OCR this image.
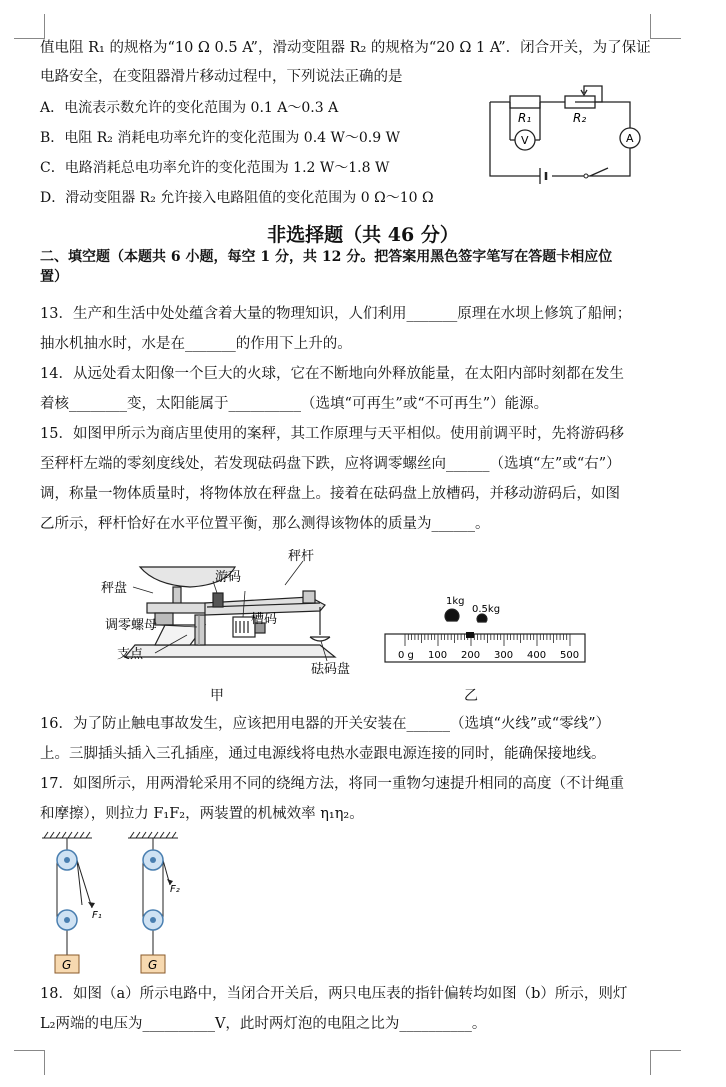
值电阻 R₁ 的规格为“10 Ω 0.5 A”，滑动变阻器 R₂ 的规格为“20 Ω 1 A”．闭合开关，为了保证
电路安全，在变阻器滑片移动过程中，下列说法正确的是
A．电流表示数允许的变化范围为 0.1 A～0.3 A
B．电阻 R₂ 消耗电功率允许的变化范围为 0.4 W～0.9 W
C．电路消耗总电功率允许的变化范围为 1.2 W～1.8 W
D．滑动变阻器 R₂ 允许接入电路阻值的变化范围为 0 Ω～10 Ω
R₁	R₂
V	A
非选择题（共 46 分）
二、填空题（本题共 6 小题，每空 1 分，共 12 分。把答案用黑色签字笔写在答题卡相应位
置）
13．生产和生活中处处蕴含着大量的物理知识，人们利用_______原理在水坝上修筑了船闸；
抽水机抽水时，水是在_______的作用下上升的。
14．从远处看太阳像一个巨大的火球，它在不断地向外释放能量，在太阳内部时刻都在发生
着核________变，太阳能属于__________（选填“可再生”或“不可再生”）能源。
15．如图甲所示为商店里使用的案秤，其工作原理与天平相似。使用前调平时，先将游码移
至秤杆左端的零刻度线处，若发现砝码盘下跌，应将调零螺丝向______（选填“左”或“右”）
调，称量一物体质量时，将物体放在秤盘上。接着在砝码盘上放槽码，并移动游码后，如图
乙所示，秤杆恰好在水平位置平衡，那么测得该物体的质量为______。
秤杆
秤盘
游码
槽码
调零螺母
支点
砝码盘
1kg
0.5kg
0 g 100 200 300 400 500
甲	乙
16．为了防止触电事故发生，应该把用电器的开关安装在______（选填“火线”或“零线”）
上。三脚插头插入三孔插座，通过电源线将电热水壶跟电源连接的同时，能确保接地线。
17．如图所示，用两滑轮采用不同的绕绳方法，将同一重物匀速提升相同的高度（不计绳重
和摩擦），则拉力 F₁F₂，两装置的机械效率 η₁η₂。
F₁
F₂
G	G
18．如图（a）所示电路中，当闭合开关后，两只电压表的指针偏转均如图（b）所示，则灯
L₂两端的电压为__________V，此时两灯泡的电阻之比为__________。
